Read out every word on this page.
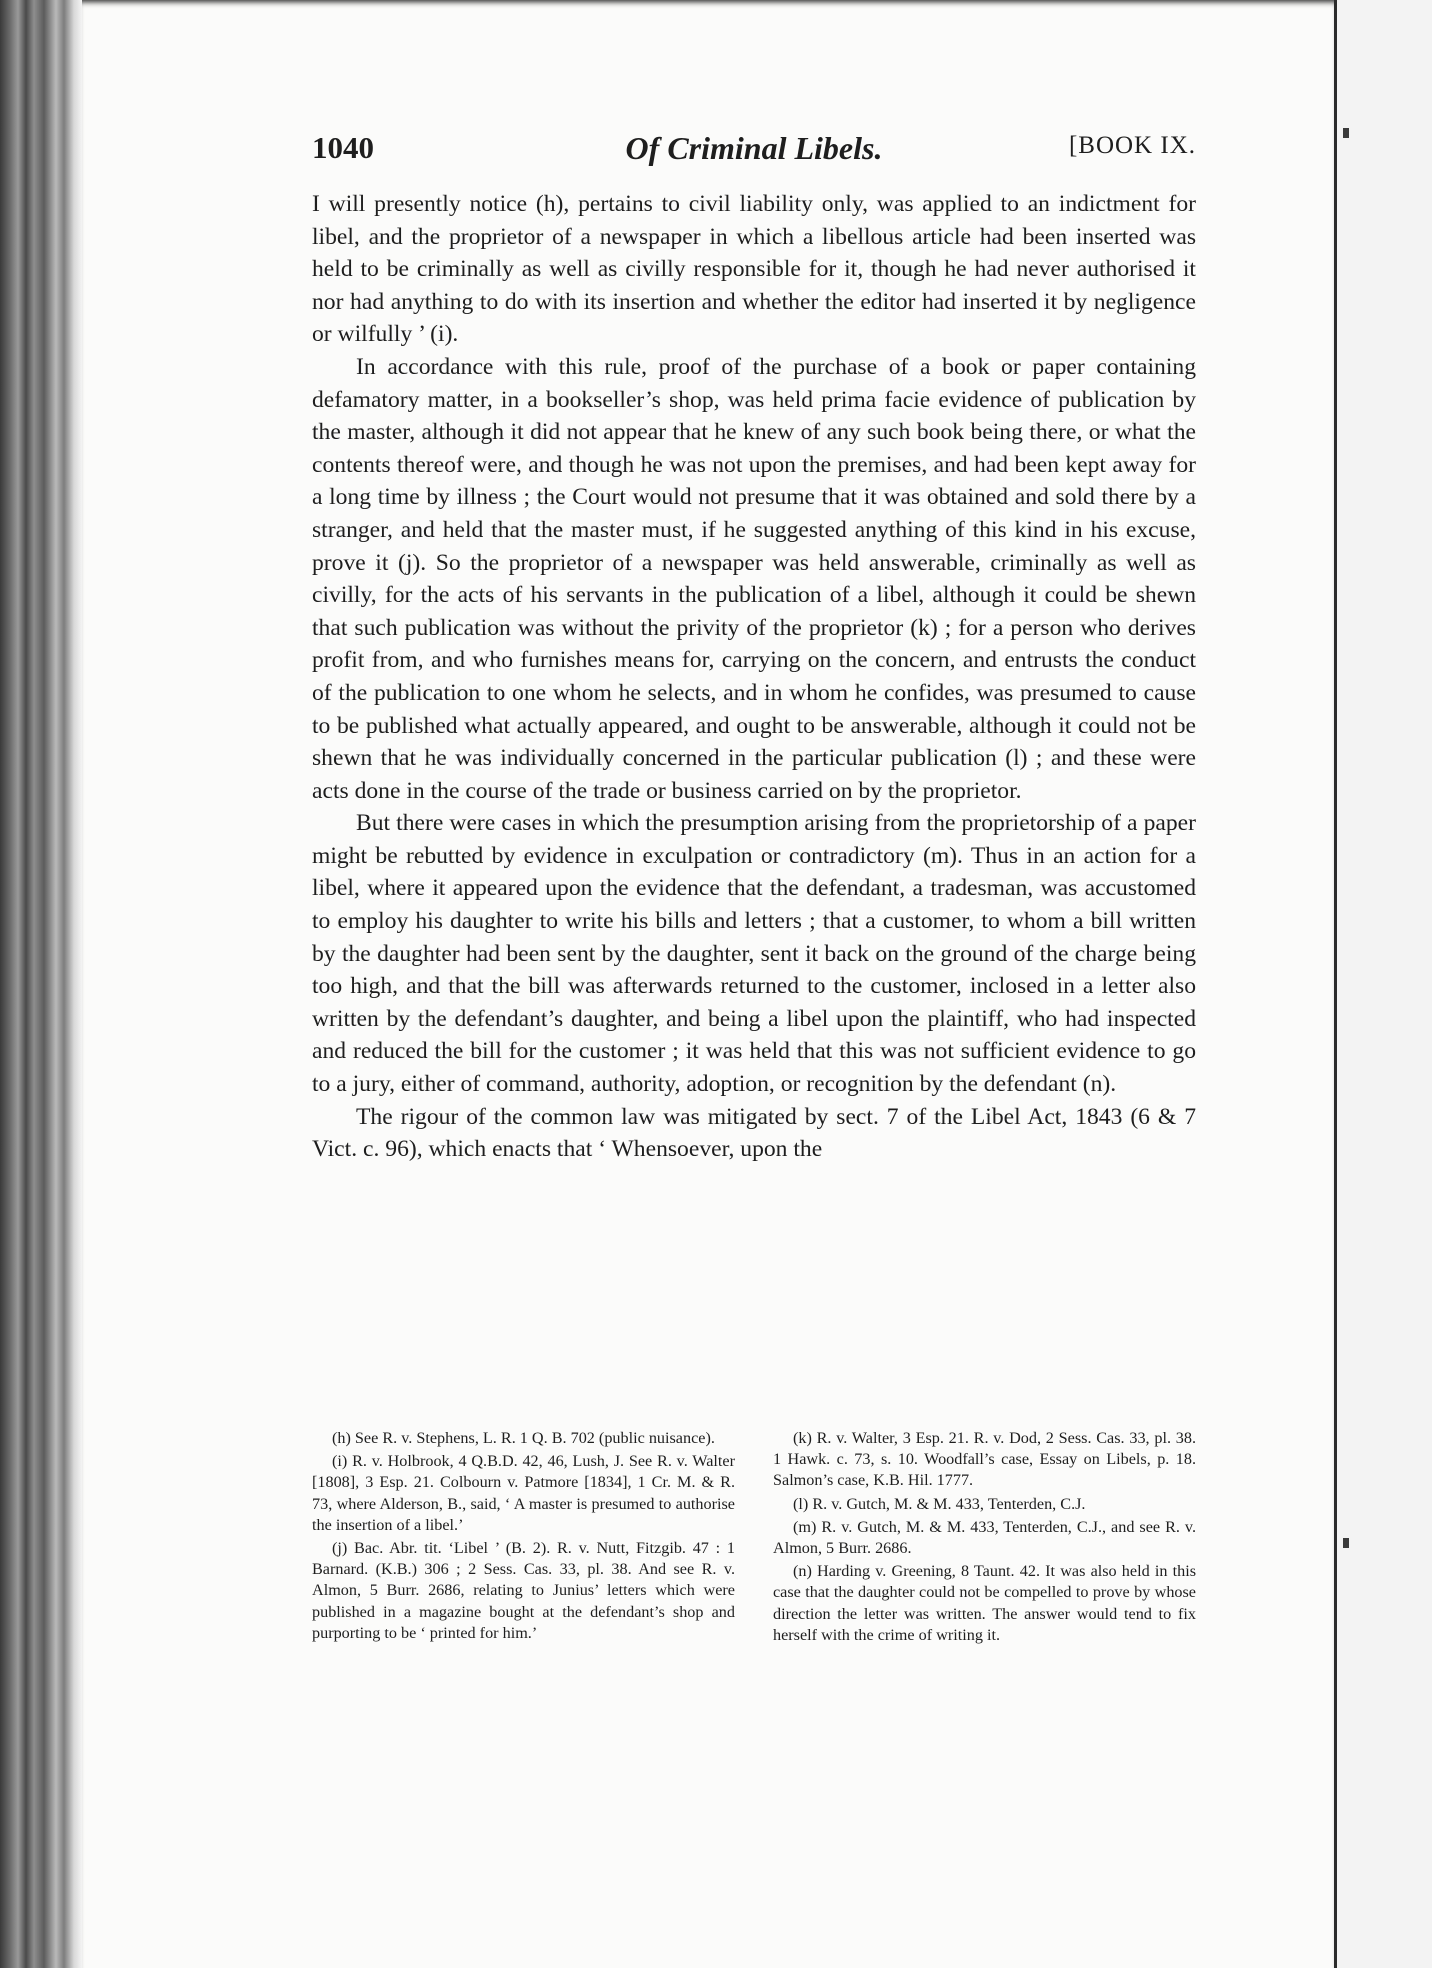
1040	Of Criminal Libels.	[BOOK IX.

I will presently notice (h), pertains to civil liability only, was applied to an indictment for libel, and the proprietor of a newspaper in which a libellous article had been inserted was held to be criminally as well as civilly responsible for it, though he had never authorised it nor had anything to do with its insertion and whether the editor had inserted it by negligence or wilfully ’ (i).

In accordance with this rule, proof of the purchase of a book or paper containing defamatory matter, in a bookseller’s shop, was held prima facie evidence of publication by the master, although it did not appear that he knew of any such book being there, or what the contents thereof were, and though he was not upon the premises, and had been kept away for a long time by illness ; the Court would not presume that it was obtained and sold there by a stranger, and held that the master must, if he suggested anything of this kind in his excuse, prove it (j). So the proprietor of a newspaper was held answerable, criminally as well as civilly, for the acts of his servants in the publication of a libel, although it could be shewn that such publication was without the privity of the proprietor (k) ; for a person who derives profit from, and who furnishes means for, carrying on the concern, and entrusts the conduct of the publication to one whom he selects, and in whom he confides, was presumed to cause to be published what actually appeared, and ought to be answerable, although it could not be shewn that he was individually concerned in the particular publication (l) ; and these were acts done in the course of the trade or business carried on by the proprietor.

But there were cases in which the presumption arising from the proprietorship of a paper might be rebutted by evidence in exculpation or contradictory (m). Thus in an action for a libel, where it appeared upon the evidence that the defendant, a tradesman, was accustomed to employ his daughter to write his bills and letters ; that a customer, to whom a bill written by the daughter had been sent by the daughter, sent it back on the ground of the charge being too high, and that the bill was afterwards returned to the customer, inclosed in a letter also written by the defendant’s daughter, and being a libel upon the plaintiff, who had inspected and reduced the bill for the customer ; it was held that this was not sufficient evidence to go to a jury, either of command, authority, adoption, or recognition by the defendant (n).

The rigour of the common law was mitigated by sect. 7 of the Libel Act, 1843 (6 & 7 Vict. c. 96), which enacts that ‘ Whensoever, upon the

(h) See R. v. Stephens, L. R. 1 Q. B. 702 (public nuisance).

(i) R. v. Holbrook, 4 Q.B.D. 42, 46, Lush, J. See R. v. Walter [1808], 3 Esp. 21. Colbourn v. Patmore [1834], 1 Cr. M. & R. 73, where Alderson, B., said, ‘ A master is presumed to authorise the insertion of a libel.’

(j) Bac. Abr. tit. ‘Libel ’ (B. 2). R. v. Nutt, Fitzgib. 47 : 1 Barnard. (K.B.) 306 ; 2 Sess. Cas. 33, pl. 38. And see R. v. Almon, 5 Burr. 2686, relating to Junius’ letters which were published in a magazine bought at the defendant’s shop and purporting to be ‘ printed for him.’

(k) R. v. Walter, 3 Esp. 21. R. v. Dod, 2 Sess. Cas. 33, pl. 38. 1 Hawk. c. 73, s. 10. Woodfall’s case, Essay on Libels, p. 18. Salmon’s case, K.B. Hil. 1777.

(l) R. v. Gutch, M. & M. 433, Tenterden, C.J.

(m) R. v. Gutch, M. & M. 433, Tenterden, C.J., and see R. v. Almon, 5 Burr. 2686.

(n) Harding v. Greening, 8 Taunt. 42. It was also held in this case that the daughter could not be compelled to prove by whose direction the letter was written. The answer would tend to fix herself with the crime of writing it.
